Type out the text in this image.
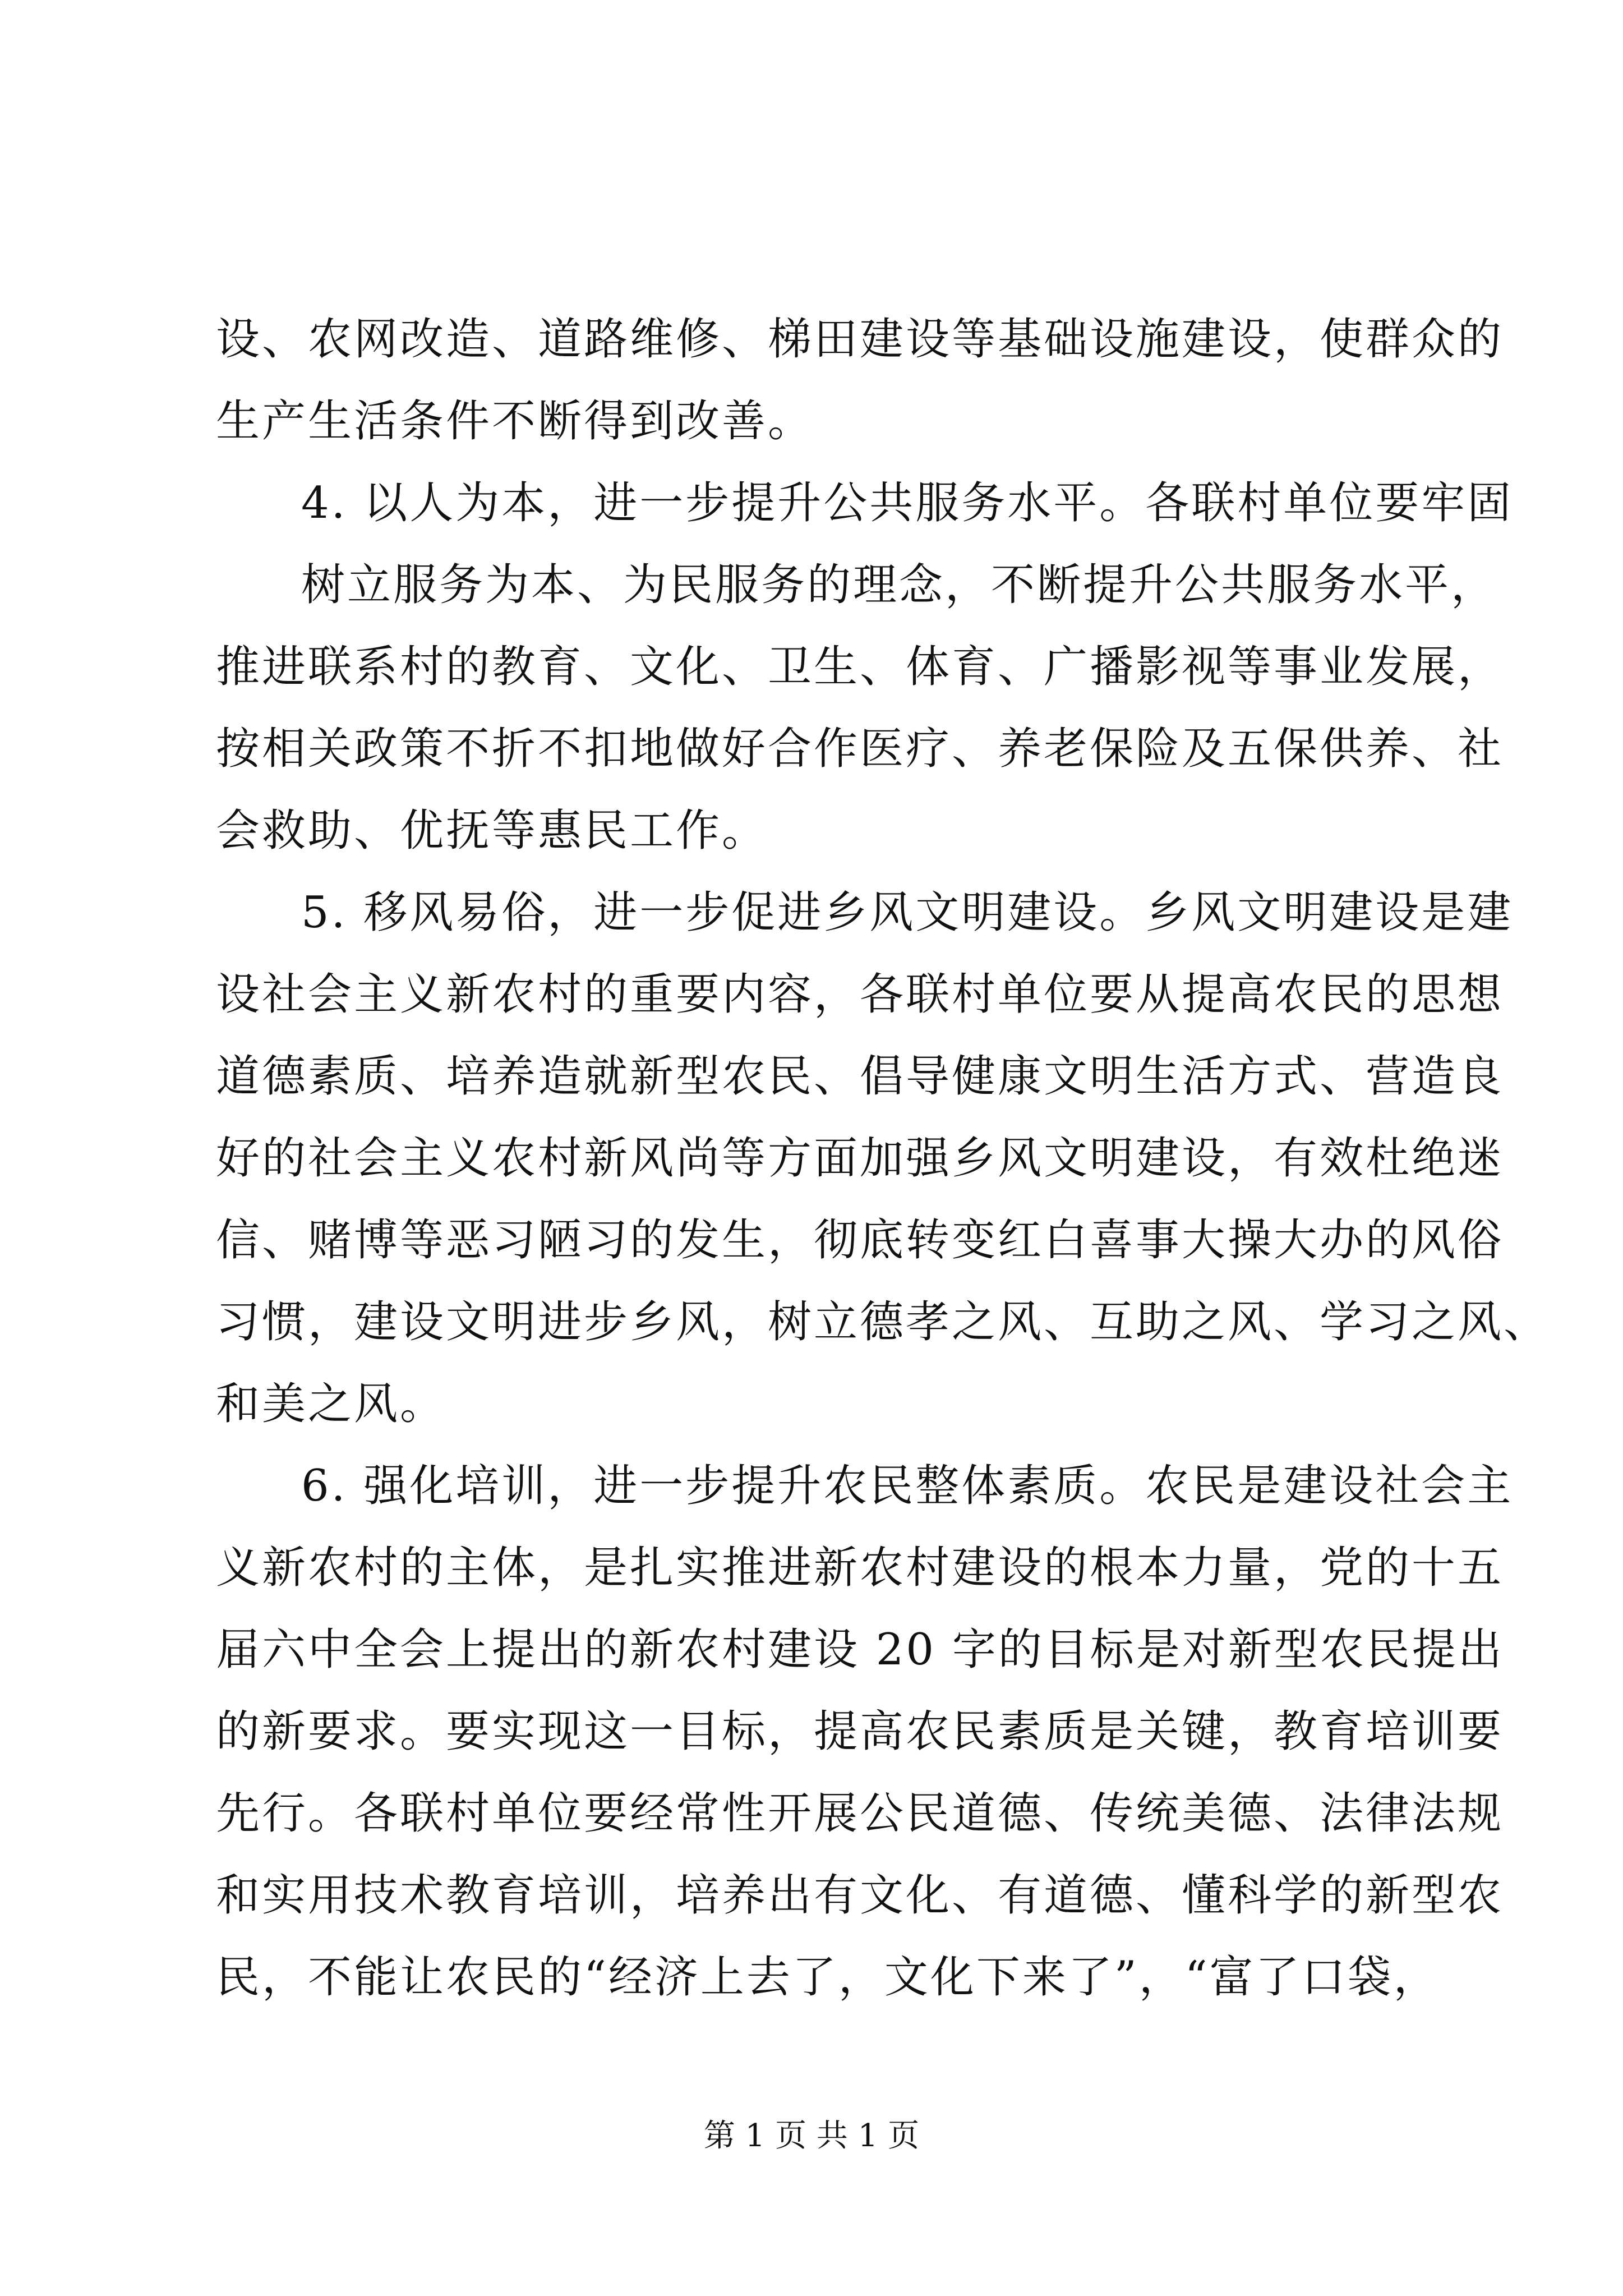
设、农网改造、道路维修、梯田建设等基础设施建设，使群众的
生产生活条件不断得到改善。
4. 以人为本，进一步提升公共服务水平。各联村单位要牢固
树立服务为本、为民服务的理念，不断提升公共服务水平，
推进联系村的教育、文化、卫生、体育、广播影视等事业发展，
按相关政策不折不扣地做好合作医疗、养老保险及五保供养、社
会救助、优抚等惠民工作。
5. 移风易俗，进一步促进乡风文明建设。乡风文明建设是建
设社会主义新农村的重要内容，各联村单位要从提高农民的思想
道德素质、培养造就新型农民、倡导健康文明生活方式、营造良
好的社会主义农村新风尚等方面加强乡风文明建设，有效杜绝迷
信、赌博等恶习陋习的发生，彻底转变红白喜事大操大办的风俗
习惯，建设文明进步乡风，树立德孝之风、互助之风、学习之风、
和美之风。
6. 强化培训，进一步提升农民整体素质。农民是建设社会主
义新农村的主体，是扎实推进新农村建设的根本力量，党的十五
届六中全会上提出的新农村建设 20 字的目标是对新型农民提出
的新要求。要实现这一目标，提高农民素质是关键，教育培训要
先行。各联村单位要经常性开展公民道德、传统美德、法律法规
和实用技术教育培训，培养出有文化、有道德、懂科学的新型农
民，不能让农民的“经济上去了，文化下来了”，“富了口袋，
第 1 页 共 1 页
